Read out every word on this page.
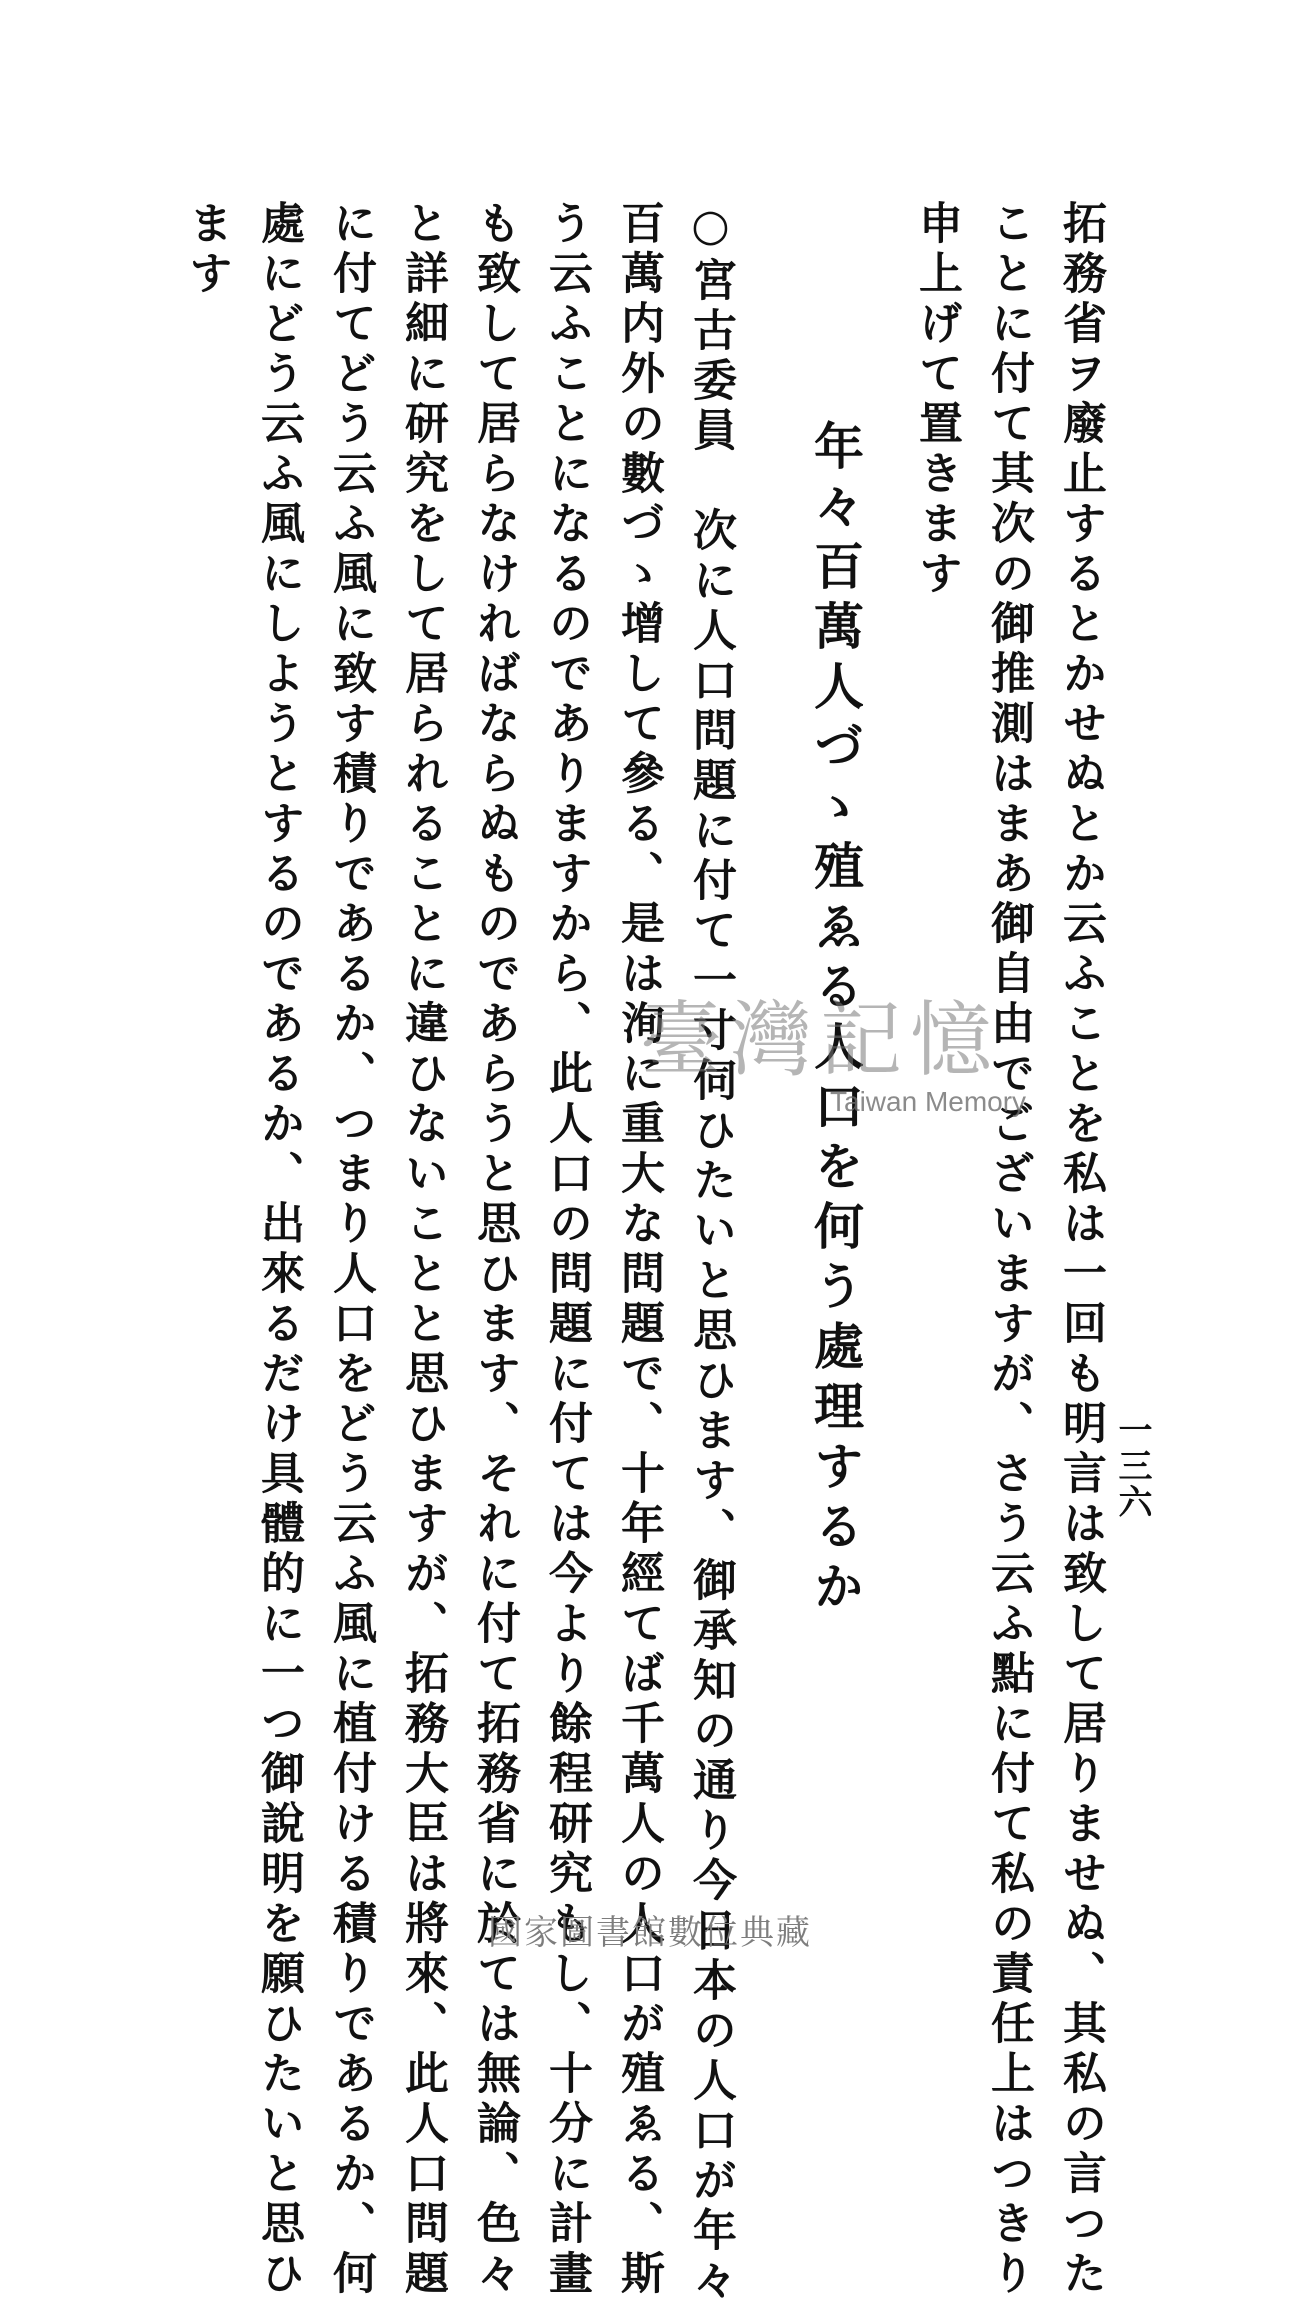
一三六
拓務省ヲ廢止するとかせぬとか云ふことを私は一回も明言は致して居りませぬ、其私の言つた
ことに付て其次の御推測はまあ御自由でございますが、さう云ふ點に付て私の責任上はつきり
申上げて置きます
年々百萬人づゝ殖ゑる人口を何う處理するか
○宮古委員　次に人口問題に付て一寸伺ひたいと思ひます、御承知の通り今日本の人口が年々
百萬内外の數づゝ增して參る、是は洵に重大な問題で、十年經てば千萬人の人口が殖ゑる、斯
う云ふことになるのでありますから、此人口の問題に付ては今より餘程研究もし、十分に計畫
も致して居らなければならぬものであらうと思ひます、それに付て拓務省に於ては無論、色々
と詳細に研究をして居られることに違ひないことと思ひますが、拓務大臣は將來、此人口問題
に付てどう云ふ風に致す積りであるか、つまり人口をどう云ふ風に植付ける積りであるか、何
處にどう云ふ風にしようとするのであるか、出來るだけ具體的に一つ御說明を願ひたいと思ひ
ます
臺灣記憶
Taiwan Memory
國家圖書館數位典藏
